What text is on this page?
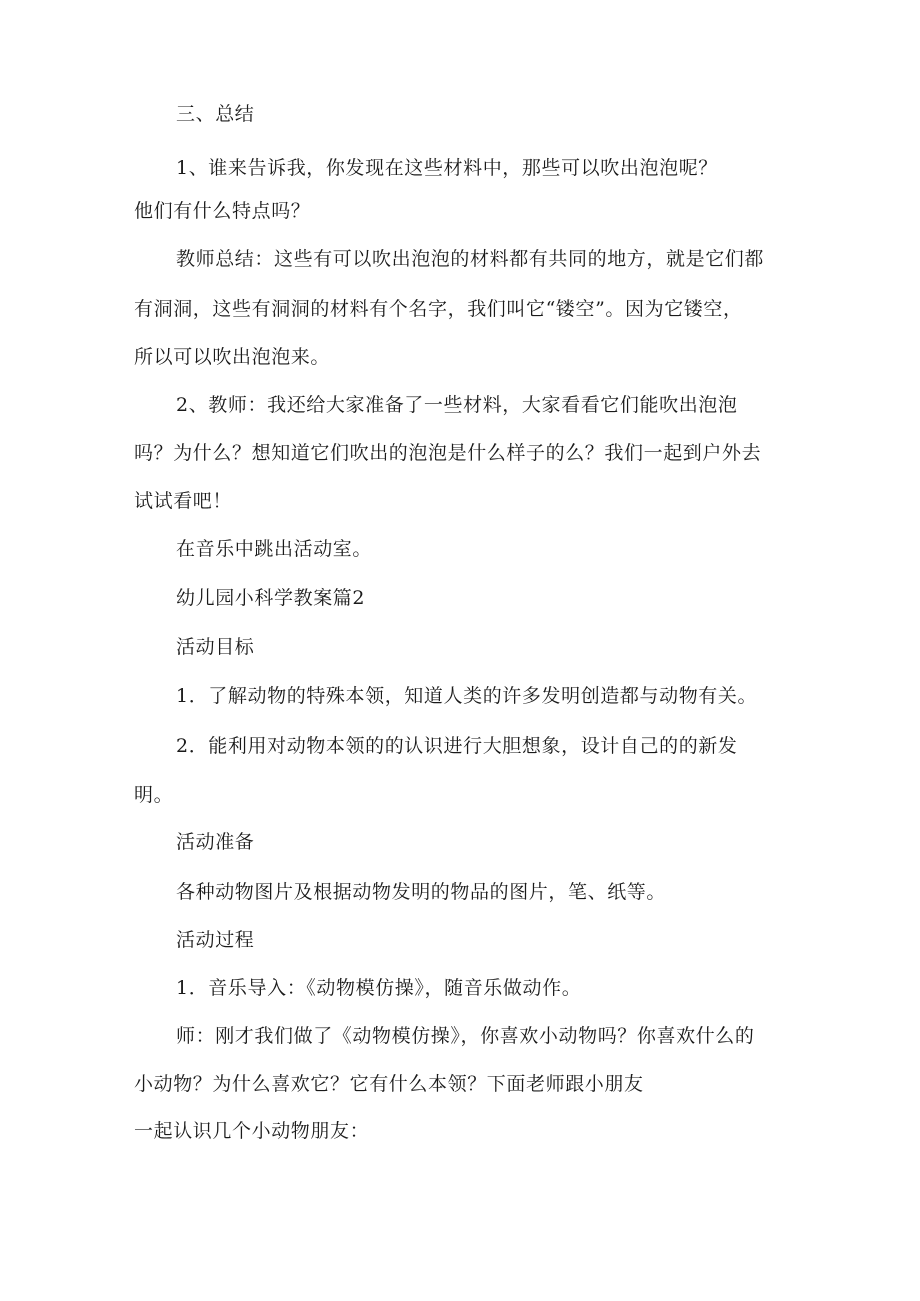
三、总结
1、谁来告诉我，你发现在这些材料中，那些可以吹出泡泡呢？
他们有什么特点吗？
教师总结：这些有可以吹出泡泡的材料都有共同的地方，就是它们都
有洞洞，这些有洞洞的材料有个名字，我们叫它“镂空”。因为它镂空，
所以可以吹出泡泡来。
2、教师：我还给大家准备了一些材料，大家看看它们能吹出泡泡
吗？为什么？想知道它们吹出的泡泡是什么样子的么？我们一起到户外去
试试看吧！
在音乐中跳出活动室。
幼儿园小科学教案篇2
活动目标
1．了解动物的特殊本领，知道人类的许多发明创造都与动物有关。
2．能利用对动物本领的的认识进行大胆想象，设计自己的的新发
明。
活动准备
各种动物图片及根据动物发明的物品的图片，笔、纸等。
活动过程
1．音乐导入：《动物模仿操》，随音乐做动作。
师：刚才我们做了《动物模仿操》，你喜欢小动物吗？你喜欢什么的
小动物？为什么喜欢它？它有什么本领？下面老师跟小朋友
一起认识几个小动物朋友：
